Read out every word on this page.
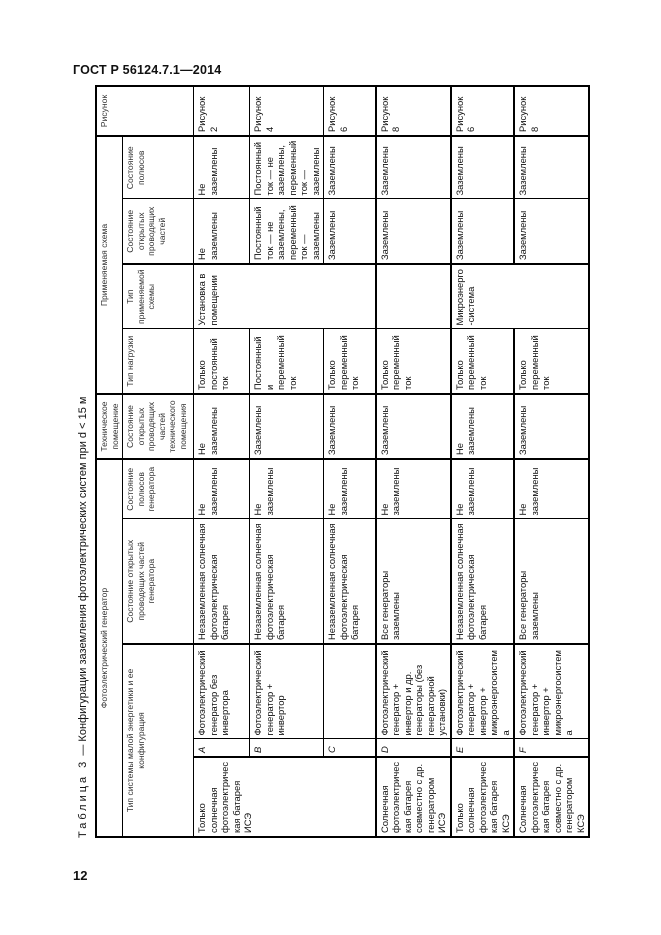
ГОСТ Р 56124.7.1—2014
12
Таблица 3 — Конфигурации заземления фотоэлектрических систем при d < 15 м	Фотоэлектрический генератор					Техническое помещение	Применяемая схема				Рисунок
Тип системы малой энергетики и ее конфигурация			Состояние открытых проводящих частей генератора	Состояние полюсов генератора	Состояние открытых проводящих частей технического помещения	Тип нагрузки	Тип применяемой схемы	Состояние открытых проводящих частей	Состояние полюсов	
Только солнечная фотоэлектрическая батарея ИСЭ	A	Фотоэлектрический генератор без инвертора	Незаземленная солнечная фотоэлектрическая батарея	Не заземлены	Не заземлены	Только постоянный ток	Установка в помещении	Не заземлены	Не заземлены	Рисунок 2
	B	Фотоэлектрический генератор + инвертор	Незаземленная солнечная фотоэлектрическая батарея	Не заземлены	Заземлены	Постоянный и переменный ток		Постоянный ток — не заземлены, переменный ток — заземлены	Постоянный ток — не заземлены, переменный ток — заземлены	Рисунок 4
	C		Незаземленная солнечная фотоэлектрическая батарея	Не заземлены	Заземлены	Только переменный ток		Заземлены	Заземлены	Рисунок 6
Солнечная фотоэлектрическая батарея совместно с др. генератором ИСЭ	D	Фотоэлектрический генератор + инвертор и др. генераторы (без генераторной установки)	Все генераторы заземлены	Не заземлены	Заземлены	Только переменный ток		Заземлены	Заземлены	Рисунок 8
Только солнечная фотоэлектрическая батарея КСЭ	E	Фотоэлектрический генератор + инвертор + микроэнергосистема	Незаземленная солнечная фотоэлектрическая батарея	Не заземлены	Не заземлены	Только переменный ток	Микроэнерго-система	Заземлены	Заземлены	Рисунок 6
Солнечная фотоэлектрическая батарея совместно с др. генератором КСЭ	F	Фотоэлектрический генератор + инвертор + микроэнергосистема	Все генераторы заземлены	Не заземлены	Заземлены	Только переменный ток		Заземлены	Заземлены	Рисунок 8
